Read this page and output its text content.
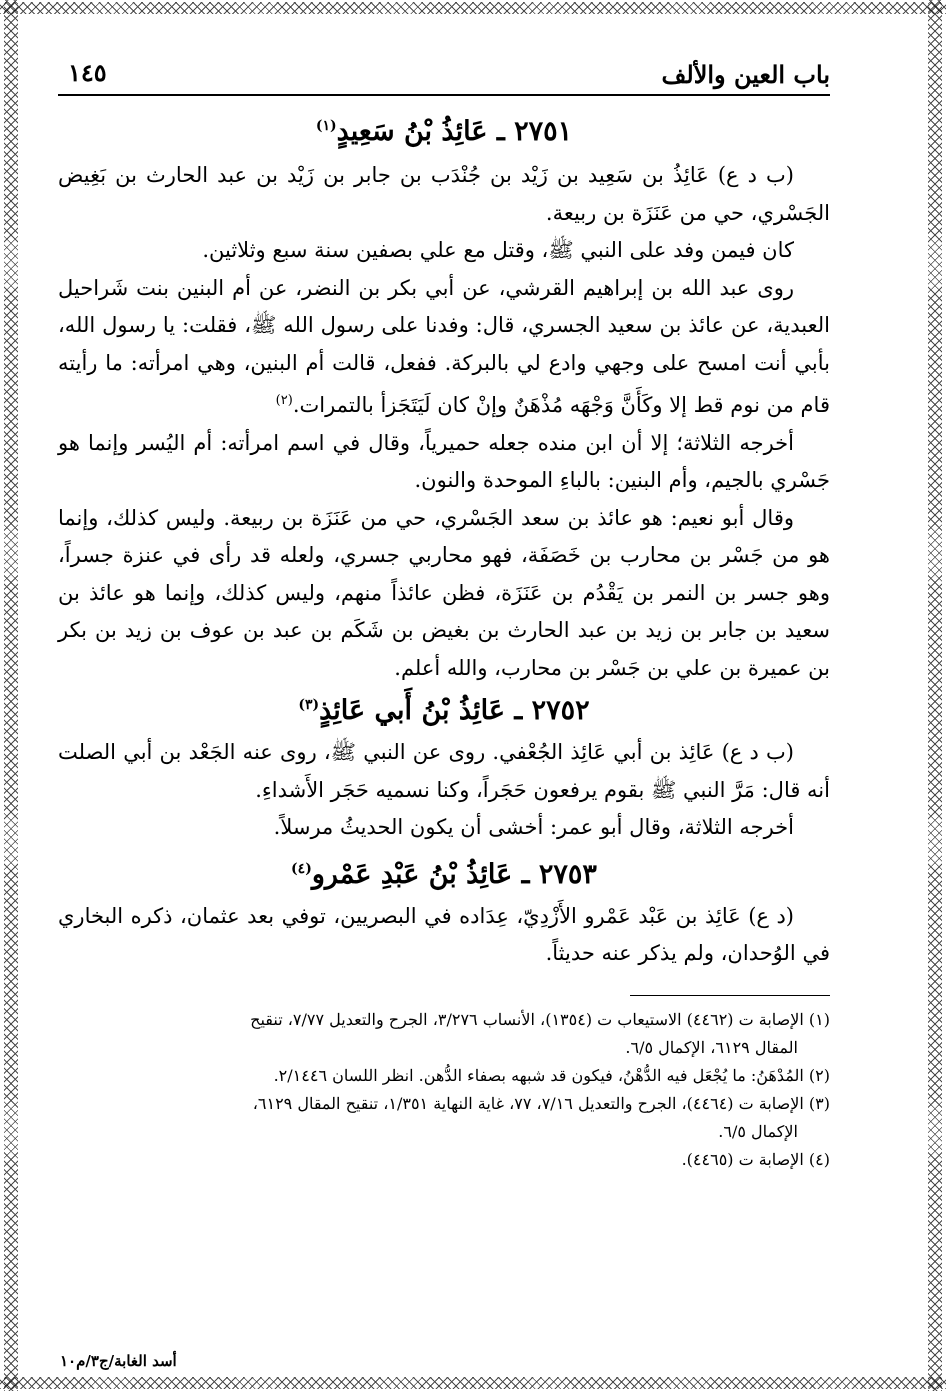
باب العين والألف
١٤٥
٢٧٥١ ـ عَائِذُ بْنُ سَعِيدٍ$^{(١)}$

(ب د ع) عَائِذُ بن سَعِيد بن زَيْد بن جُنْدَب بن جابر بن زَيْد بن عبد الحارث بن بَغِيض الجَسْري، حي من عَنَزَة بن ربيعة.

كان فيمن وفد على النبي ﷺ، وقتل مع علي بصفين سنة سبع وثلاثين.

روى عبد الله بن إبراهيم القرشي، عن أبي بكر بن النضر، عن أم البنين بنت شَراحيل العبدية، عن عائذ بن سعيد الجسري، قال: وفدنا على رسول الله ﷺ، فقلت: يا رسول الله، بأبي أنت امسح على وجهي وادع لي بالبركة. ففعل، قالت أم البنين، وهي امرأته: ما رأيته قام من نوم قط إلا وكَأَنَّ وَجْهَه مُذْهَنٌ وإنْ كان لَيَتَجَزأ بالتمرات.$^{(٢)}$

أخرجه الثلاثة؛ إلا أن ابن منده جعله حميرياً، وقال في اسم امرأته: أم اليُسر وإنما هو جَسْري بالجيم، وأم البنين: بالباءِ الموحدة والنون.

وقال أبو نعيم: هو عائذ بن سعد الجَسْري، حي من عَنَزَة بن ربيعة. وليس كذلك، وإنما هو من جَسْر بن محارب بن خَصَفَة، فهو محاربي جسري، ولعله قد رأى في عنزة جسراً، وهو جسر بن النمر بن يَقْدُم بن عَنَزَة، فظن عائذاً منهم، وليس كذلك، وإنما هو عائذ بن سعيد بن جابر بن زيد بن عبد الحارث بن بغيض بن شَكَم بن عبد بن عوف بن زيد بن بكر بن عميرة بن علي بن جَسْر بن محارب، والله أعلم.

٢٧٥٢ ـ عَائِذُ بْنُ أَبي عَائِذٍ$^{(٣)}$

(ب د ع) عَائِذ بن أبي عَائِذ الجُعْفي. روى عن النبي ﷺ، روى عنه الجَعْد بن أبي الصلت أنه قال: مَرَّ النبي ﷺ بقوم يرفعون حَجَراً، وكنا نسميه حَجَر الأَشداءِ.

أخرجه الثلاثة، وقال أبو عمر: أخشى أن يكون الحديثُ مرسلاً.

٢٧٥٣ ـ عَائِذُ بْنُ عَبْدِ عَمْرو$^{(٤)}$

(د ع) عَائِذ بن عَبْد عَمْرو الأَزْدِيّ، عِدَاده في البصريين، توفي بعد عثمان، ذكره البخاري في الوُحدان، ولم يذكر عنه حديثاً.

(١) الإصابة ت (٤٤٦٢) الاستيعاب ت (١٣٥٤)، الأنساب ٣/٢٧٦، الجرح والتعديل ٧/٧٧، تنقيح
المقال ٦١٢٩، الإكمال ٦/٥.
(٢) المُدْهَنُ: ما يُجْعَل فيه الدُّهْنُ، فيكون قد شبهه بصفاء الدُّهن. انظر اللسان ٢/١٤٤٦.
(٣) الإصابة ت (٤٤٦٤)، الجرح والتعديل ٧/١٦، ٧٧، غاية النهاية ١/٣٥١، تنقيح المقال ٦١٢٩،
الإكمال ٦/٥.
(٤) الإصابة ت (٤٤٦٥).
أسد الغابة/ج٣/م١٠
